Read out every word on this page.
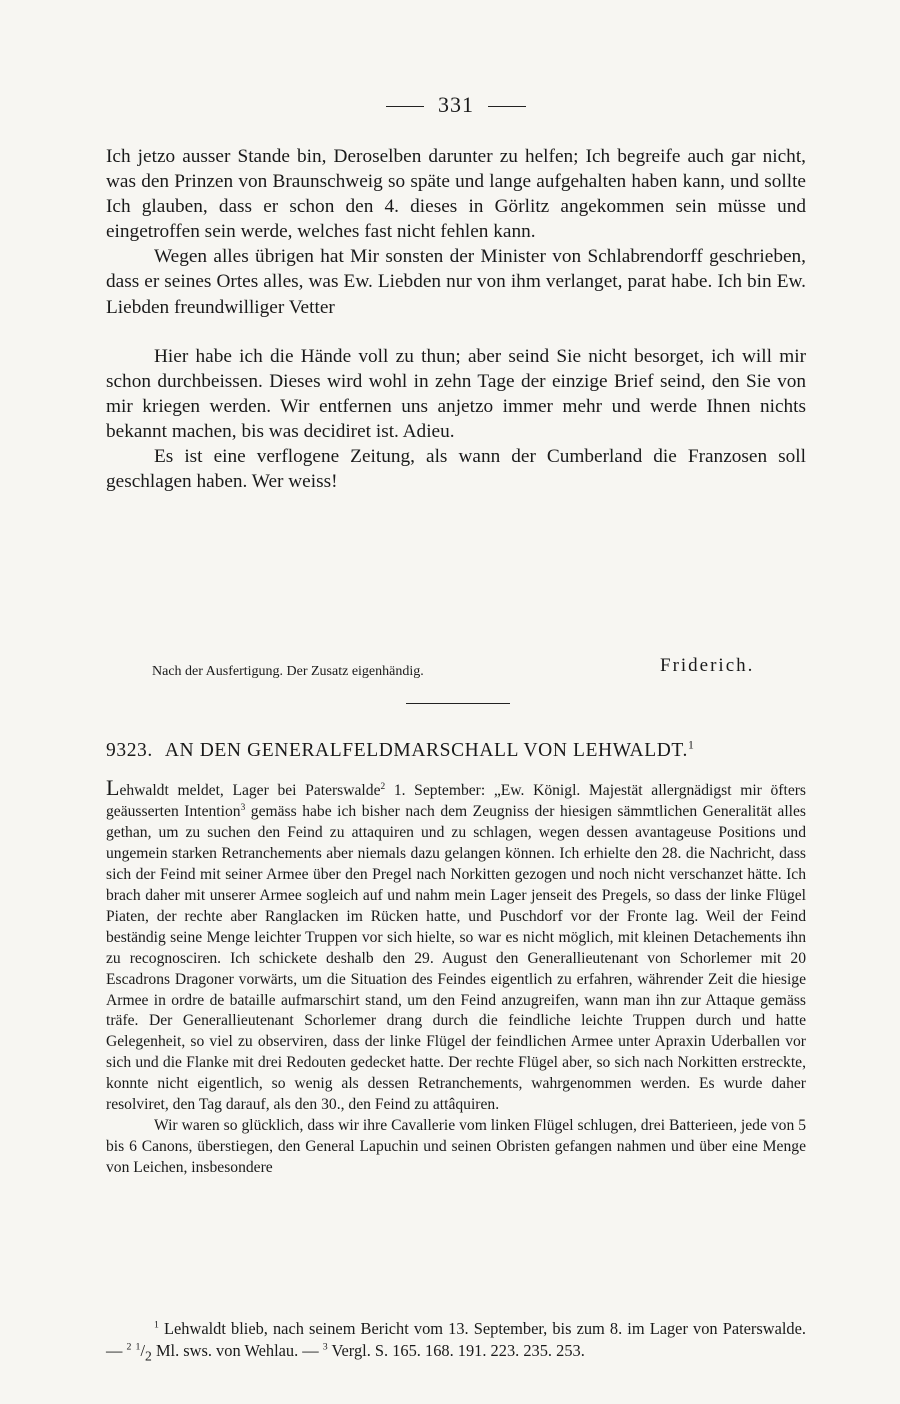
331

Ich jetzo ausser Stande bin, Deroselben darunter zu helfen; Ich begreife auch gar nicht, was den Prinzen von Braunschweig so späte und lange aufgehalten haben kann, und sollte Ich glauben, dass er schon den 4. dieses in Görlitz angekommen sein müsse und eingetroffen sein werde, welches fast nicht fehlen kann.

Wegen alles übrigen hat Mir sonsten der Minister von Schlabrendorff geschrieben, dass er seines Ortes alles, was Ew. Liebden nur von ihm verlanget, parat habe. Ich bin Ew. Liebden freundwilliger Vetter

Hier habe ich die Hände voll zu thun; aber seind Sie nicht besorget, ich will mir schon durchbeissen. Dieses wird wohl in zehn Tage der einzige Brief seind, den Sie von mir kriegen werden. Wir entfernen uns anjetzo immer mehr und werde Ihnen nichts bekannt machen, bis was decidiret ist. Adieu.

Es ist eine verflogene Zeitung, als wann der Cumberland die Franzosen soll geschlagen haben. Wer weiss!

Nach der Ausfertigung. Der Zusatz eigenhändig.	Friderich.
9323. AN DEN GENERALFELDMARSCHALL VON LEHWALDT.$^1$

Lehwaldt meldet, Lager bei Paterswalde$^2$ 1. September: „Ew. Königl. Majestät allergnädigst mir öfters geäusserten Intention$^3$ gemäss habe ich bisher nach dem Zeugniss der hiesigen sämmtlichen Generalität alles gethan, um zu suchen den Feind zu attaquiren und zu schlagen, wegen dessen avantageuse Positions und ungemein starken Retranchements aber niemals dazu gelangen können. Ich erhielte den 28. die Nachricht, dass sich der Feind mit seiner Armee über den Pregel nach Norkitten gezogen und noch nicht verschanzet hätte. Ich brach daher mit unserer Armee sogleich auf und nahm mein Lager jenseit des Pregels, so dass der linke Flügel Piaten, der rechte aber Ranglacken im Rücken hatte, und Puschdorf vor der Fronte lag. Weil der Feind beständig seine Menge leichter Truppen vor sich hielte, so war es nicht möglich, mit kleinen Detachements ihn zu recognosciren. Ich schickete deshalb den 29. August den Generallieutenant von Schorlemer mit 20 Escadrons Dragoner vorwärts, um die Situation des Feindes eigentlich zu erfahren, währender Zeit die hiesige Armee in ordre de bataille aufmarschirt stand, um den Feind anzugreifen, wann man ihn zur Attaque gemäss träfe. Der Generallieutenant Schorlemer drang durch die feindliche leichte Truppen durch und hatte Gelegenheit, so viel zu observiren, dass der linke Flügel der feindlichen Armee unter Apraxin Uderballen vor sich und die Flanke mit drei Redouten gedecket hatte. Der rechte Flügel aber, so sich nach Norkitten erstreckte, konnte nicht eigentlich, so wenig als dessen Retranchements, wahrgenommen werden. Es wurde daher resolviret, den Tag darauf, als den 30., den Feind zu attâquiren.

Wir waren so glücklich, dass wir ihre Cavallerie vom linken Flügel schlugen, drei Batterieen, jede von 5 bis 6 Canons, überstiegen, den General Lapuchin und seinen Obristen gefangen nahmen und über eine Menge von Leichen, insbesondere

$^1$ Lehwaldt blieb, nach seinem Bericht vom 13. September, bis zum 8. im Lager von Paterswalde. — $^2$ $^1/_2$ Ml. sws. von Wehlau. — $^3$ Vergl. S. 165. 168. 191. 223. 235. 253.
